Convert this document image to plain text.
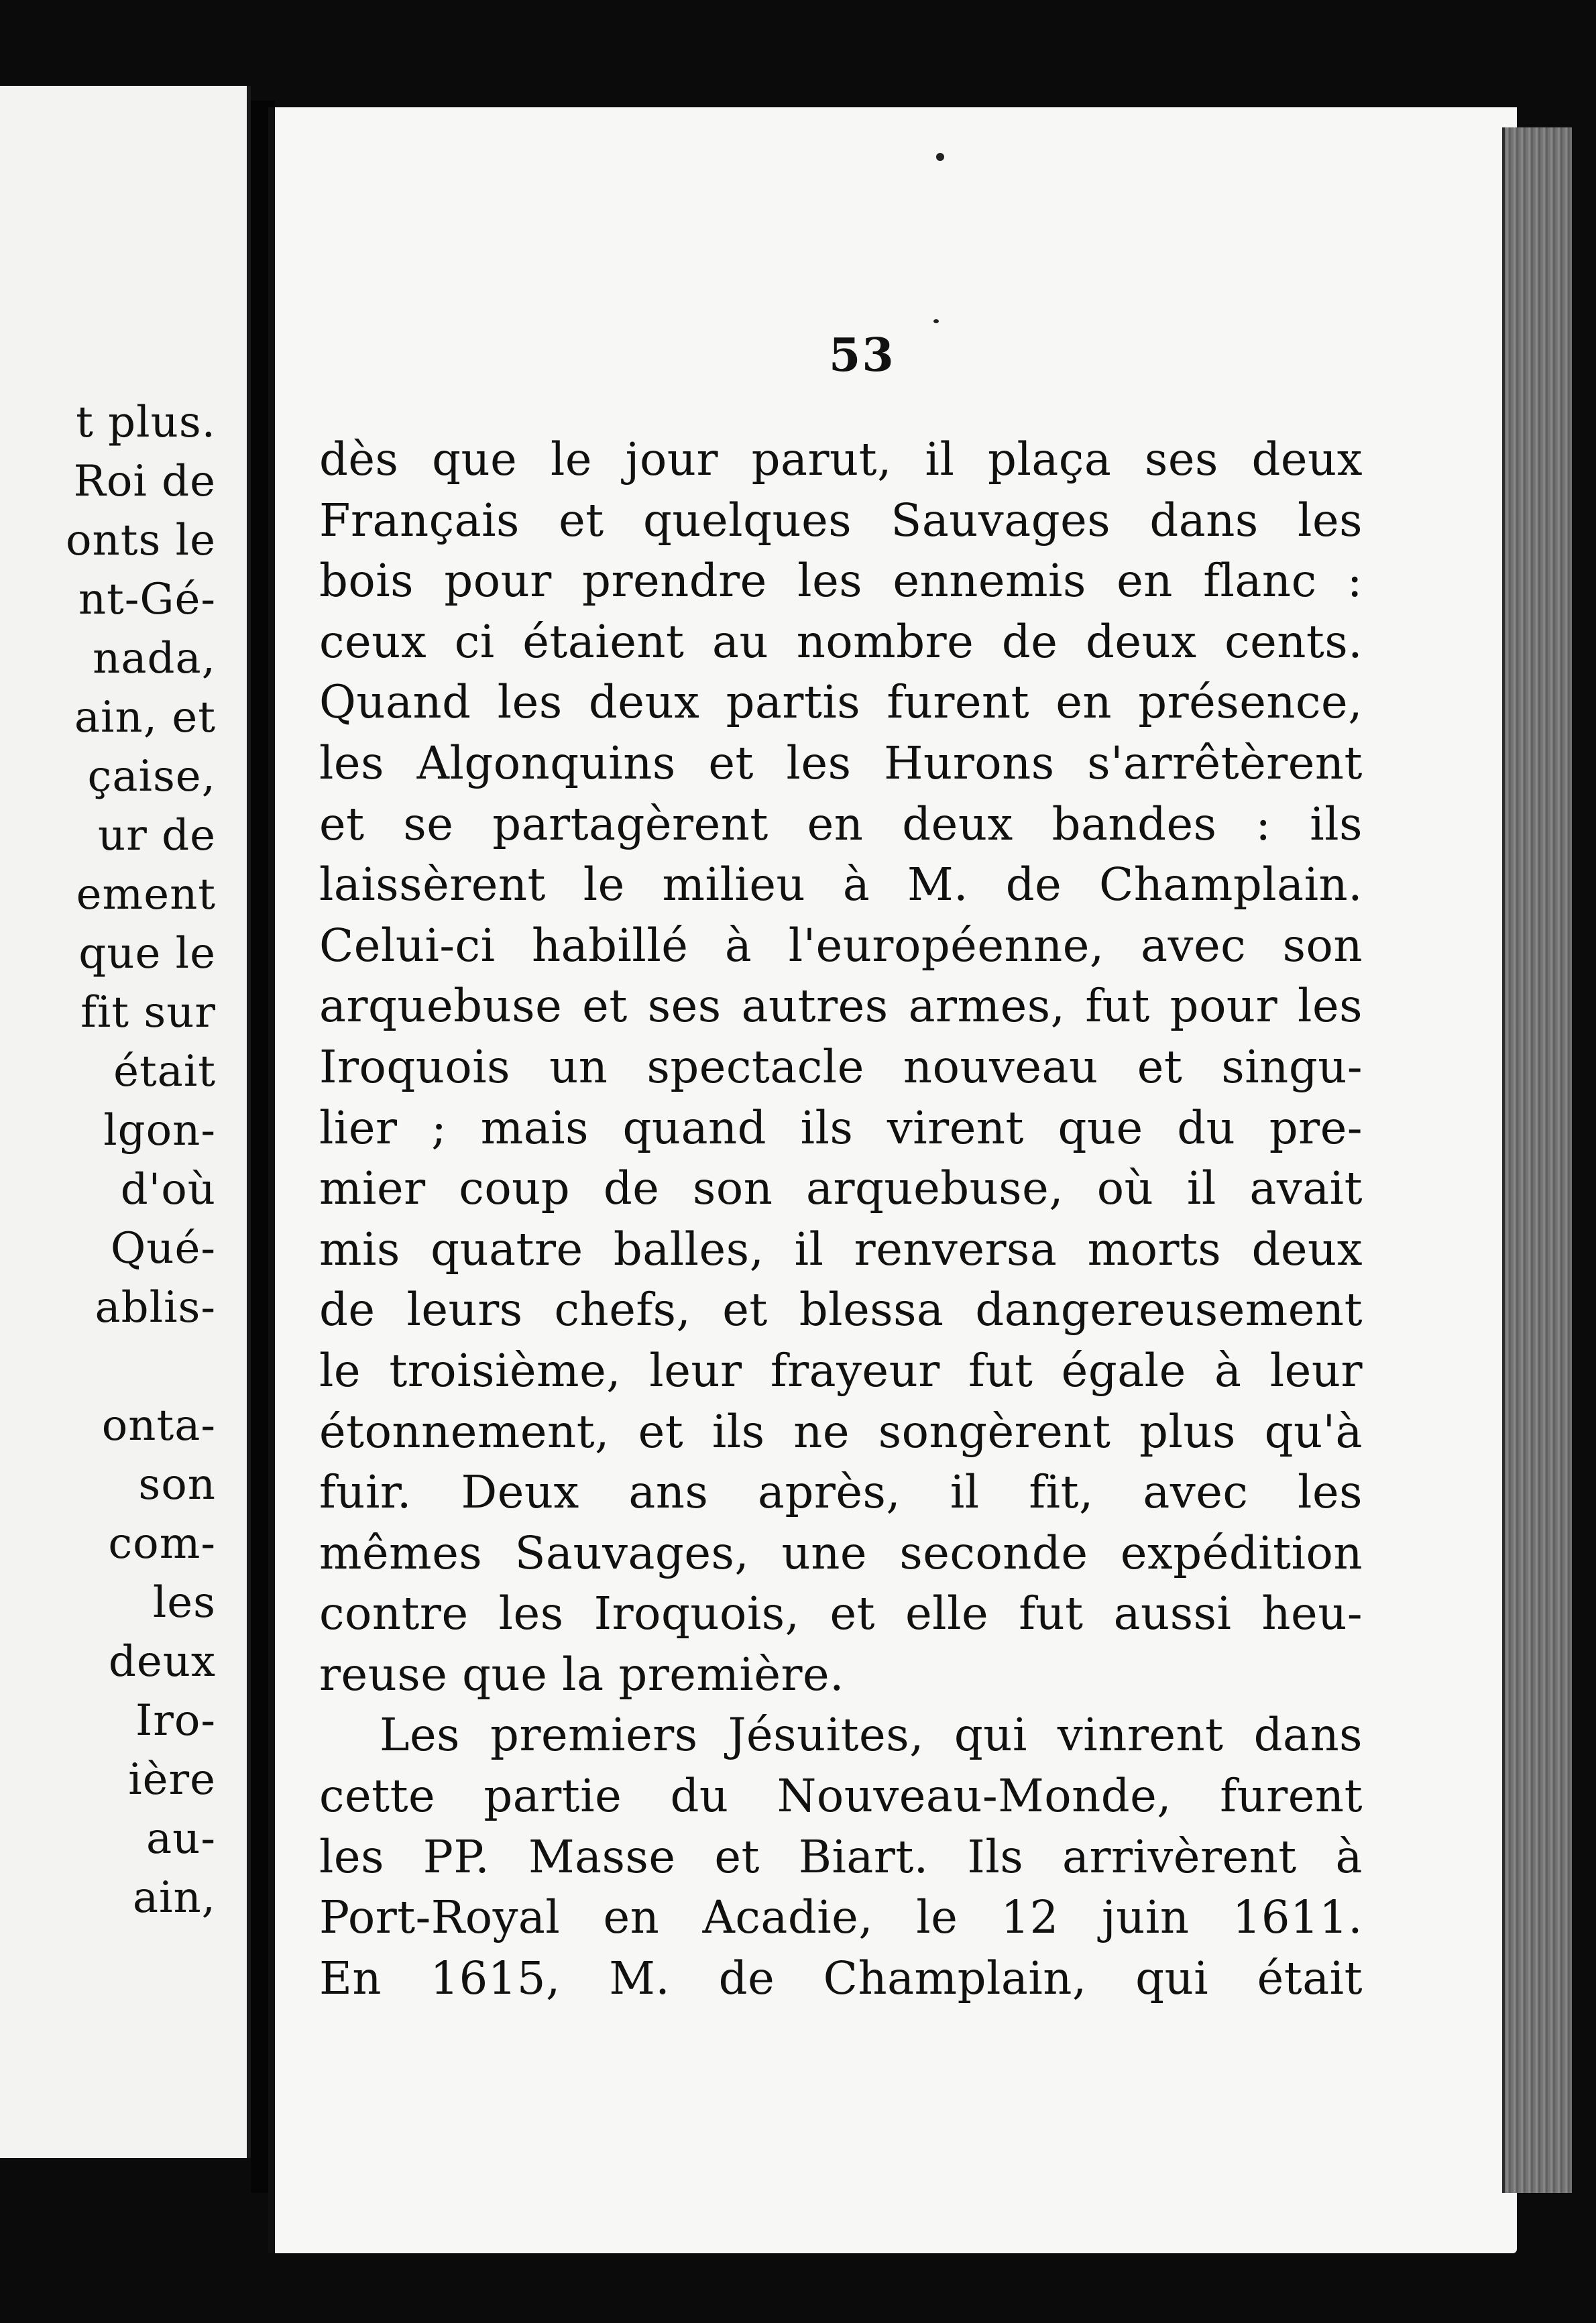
t plus.
Roi de
onts le
nt-Gé-
nada,
ain, et
çaise,
ur de
ement
que le
fit sur
était
lgon-
d'où
Qué-
ablis-
onta-
son
com-
les
deux
Iro-
ière
au-
ain,
53
dès que le jour parut, il plaça ses deux
Français et quelques Sauvages dans les
bois pour prendre les ennemis en flanc :
ceux ci étaient au nombre de deux cents.
Quand les deux partis furent en présence,
les Algonquins et les Hurons s'arrêtèrent
et se partagèrent en deux bandes : ils
laissèrent le milieu à M. de Champlain.
Celui-ci habillé à l'européenne, avec son
arquebuse et ses autres armes, fut pour les
Iroquois un spectacle nouveau et singu-
lier ; mais quand ils virent que du pre-
mier coup de son arquebuse, où il avait
mis quatre balles, il renversa morts deux
de leurs chefs, et blessa dangereusement
le troisième, leur frayeur fut égale à leur
étonnement, et ils ne songèrent plus qu'à
fuir. Deux ans après, il fit, avec les
mêmes Sauvages, une seconde expédition
contre les Iroquois, et elle fut aussi heu-
reuse que la première.
Les premiers Jésuites, qui vinrent dans
cette partie du Nouveau-Monde, furent
les PP. Masse et Biart. Ils arrivèrent à
Port-Royal en Acadie, le 12 juin 1611.
En 1615, M. de Champlain, qui était
